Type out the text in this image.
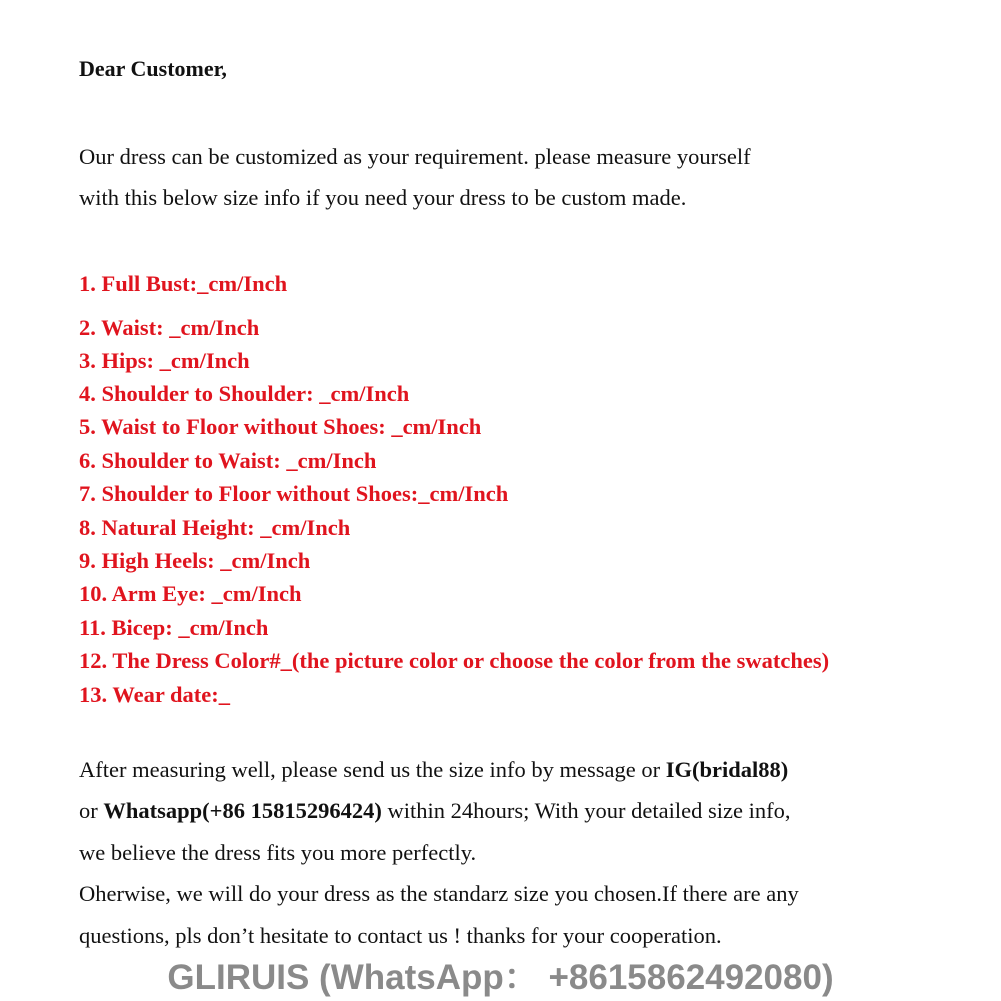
Dear Customer,
Our dress can be customized as your requirement. please measure yourself
with this below size info if you need your dress to be custom made.
1. Full Bust:_cm/Inch
2. Waist: _cm/Inch
3. Hips: _cm/Inch
4. Shoulder to Shoulder: _cm/Inch
5. Waist to Floor without Shoes: _cm/Inch
6. Shoulder to Waist: _cm/Inch
7. Shoulder to Floor without Shoes:_cm/Inch
8. Natural Height: _cm/Inch
9. High Heels: _cm/Inch
10. Arm Eye: _cm/Inch
11. Bicep: _cm/Inch
12. The Dress Color#_(the picture color or choose the color from the swatches)
13. Wear date:_
After measuring well, please send us the size info by message or IG(bridal88)
or Whatsapp(+86 15815296424) within 24hours; With your detailed size info,
we believe the dress fits you more perfectly.
Oherwise, we will do your dress as the standarz size you chosen.If there are any
questions, pls don’t hesitate to contact us ! thanks for your cooperation.
GLIRUIS (WhatsApp： +8615862492080)
